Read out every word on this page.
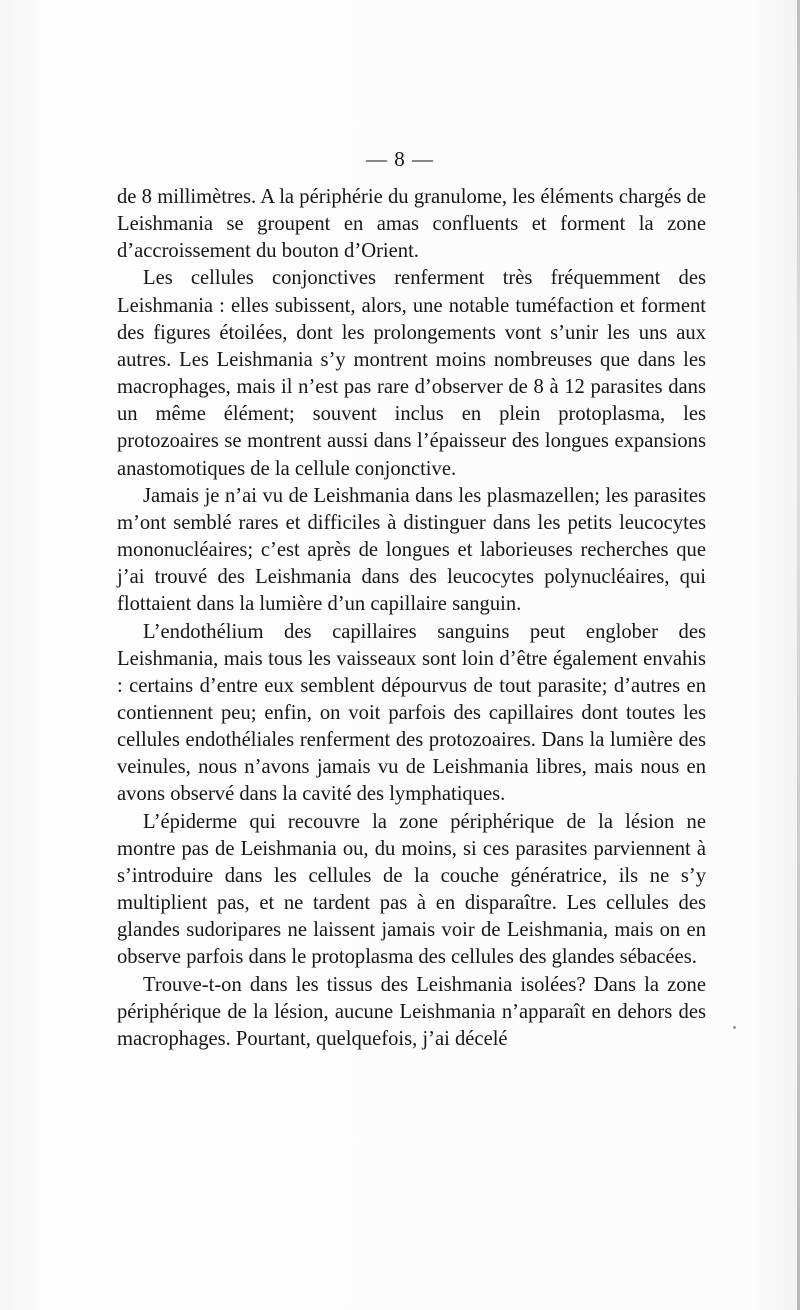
— 8 —

de 8 millimètres. A la périphérie du granulome, les éléments chargés de Leishmania se groupent en amas confluents et forment la zone d’accroissement du bouton d’Orient.

Les cellules conjonctives renferment très fréquemment des Leishmania : elles subissent, alors, une notable tuméfaction et forment des figures étoilées, dont les prolongements vont s’unir les uns aux autres. Les Leishmania s’y montrent moins nombreuses que dans les macrophages, mais il n’est pas rare d’observer de 8 à 12 parasites dans un même élément; souvent inclus en plein protoplasma, les protozoaires se montrent aussi dans l’épaisseur des longues expansions anastomotiques de la cellule conjonctive.

Jamais je n’ai vu de Leishmania dans les plasmazellen; les parasites m’ont semblé rares et difficiles à distinguer dans les petits leucocytes mononucléaires; c’est après de longues et laborieuses recherches que j’ai trouvé des Leishmania dans des leucocytes polynucléaires, qui flottaient dans la lumière d’un capillaire sanguin.

L’endothélium des capillaires sanguins peut englober des Leishmania, mais tous les vaisseaux sont loin d’être également envahis : certains d’entre eux semblent dépourvus de tout parasite; d’autres en contiennent peu; enfin, on voit parfois des capillaires dont toutes les cellules endothéliales renferment des protozoaires. Dans la lumière des veinules, nous n’avons jamais vu de Leishmania libres, mais nous en avons observé dans la cavité des lymphatiques.

L’épiderme qui recouvre la zone périphérique de la lésion ne montre pas de Leishmania ou, du moins, si ces parasites parviennent à s’introduire dans les cellules de la couche génératrice, ils ne s’y multiplient pas, et ne tardent pas à en disparaître. Les cellules des glandes sudoripares ne laissent jamais voir de Leishmania, mais on en observe parfois dans le protoplasma des cellules des glandes sébacées.

Trouve-t-on dans les tissus des Leishmania isolées? Dans la zone périphérique de la lésion, aucune Leishmania n’apparaît en dehors des macrophages. Pourtant, quelquefois, j’ai décelé
